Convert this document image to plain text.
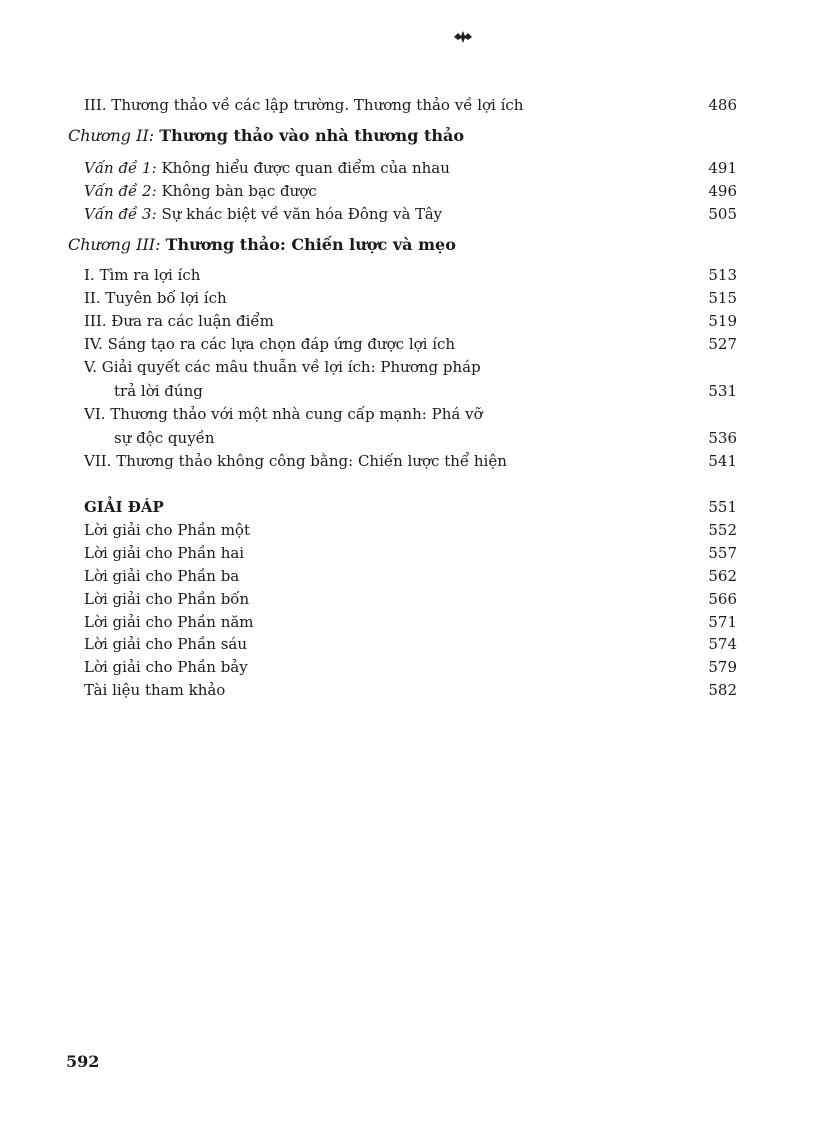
III. Thương thảo về các lập trường. Thương thảo về lợi ích	486
Chương II: Thương thảo vào nhà thương thảo
Vấn đề 1: Không hiểu được quan điểm của nhau	491
Vấn đề 2: Không bàn bạc được	496
Vấn đề 3: Sự khác biệt về văn hóa Đông và Tây	505
Chương III: Thương thảo: Chiến lược và mẹo
I. Tìm ra lợi ích	513
II. Tuyên bố lợi ích	515
III. Đưa ra các luận điểm	519
IV. Sáng tạo ra các lựa chọn đáp ứng được lợi ích	527
V. Giải quyết các mâu thuẫn về lợi ích: Phương pháp
trả lời đúng	531
VI. Thương thảo với một nhà cung cấp mạnh: Phá vỡ
sự độc quyền	536
VII. Thương thảo không công bằng: Chiến lược thể hiện	541
GIẢI ĐÁP	551
Lời giải cho Phần một	552
Lời giải cho Phần hai	557
Lời giải cho Phần ba	562
Lời giải cho Phần bốn	566
Lời giải cho Phần năm	571
Lời giải cho Phần sáu	574
Lời giải cho Phần bảy	579
Tài liệu tham khảo	582
592
